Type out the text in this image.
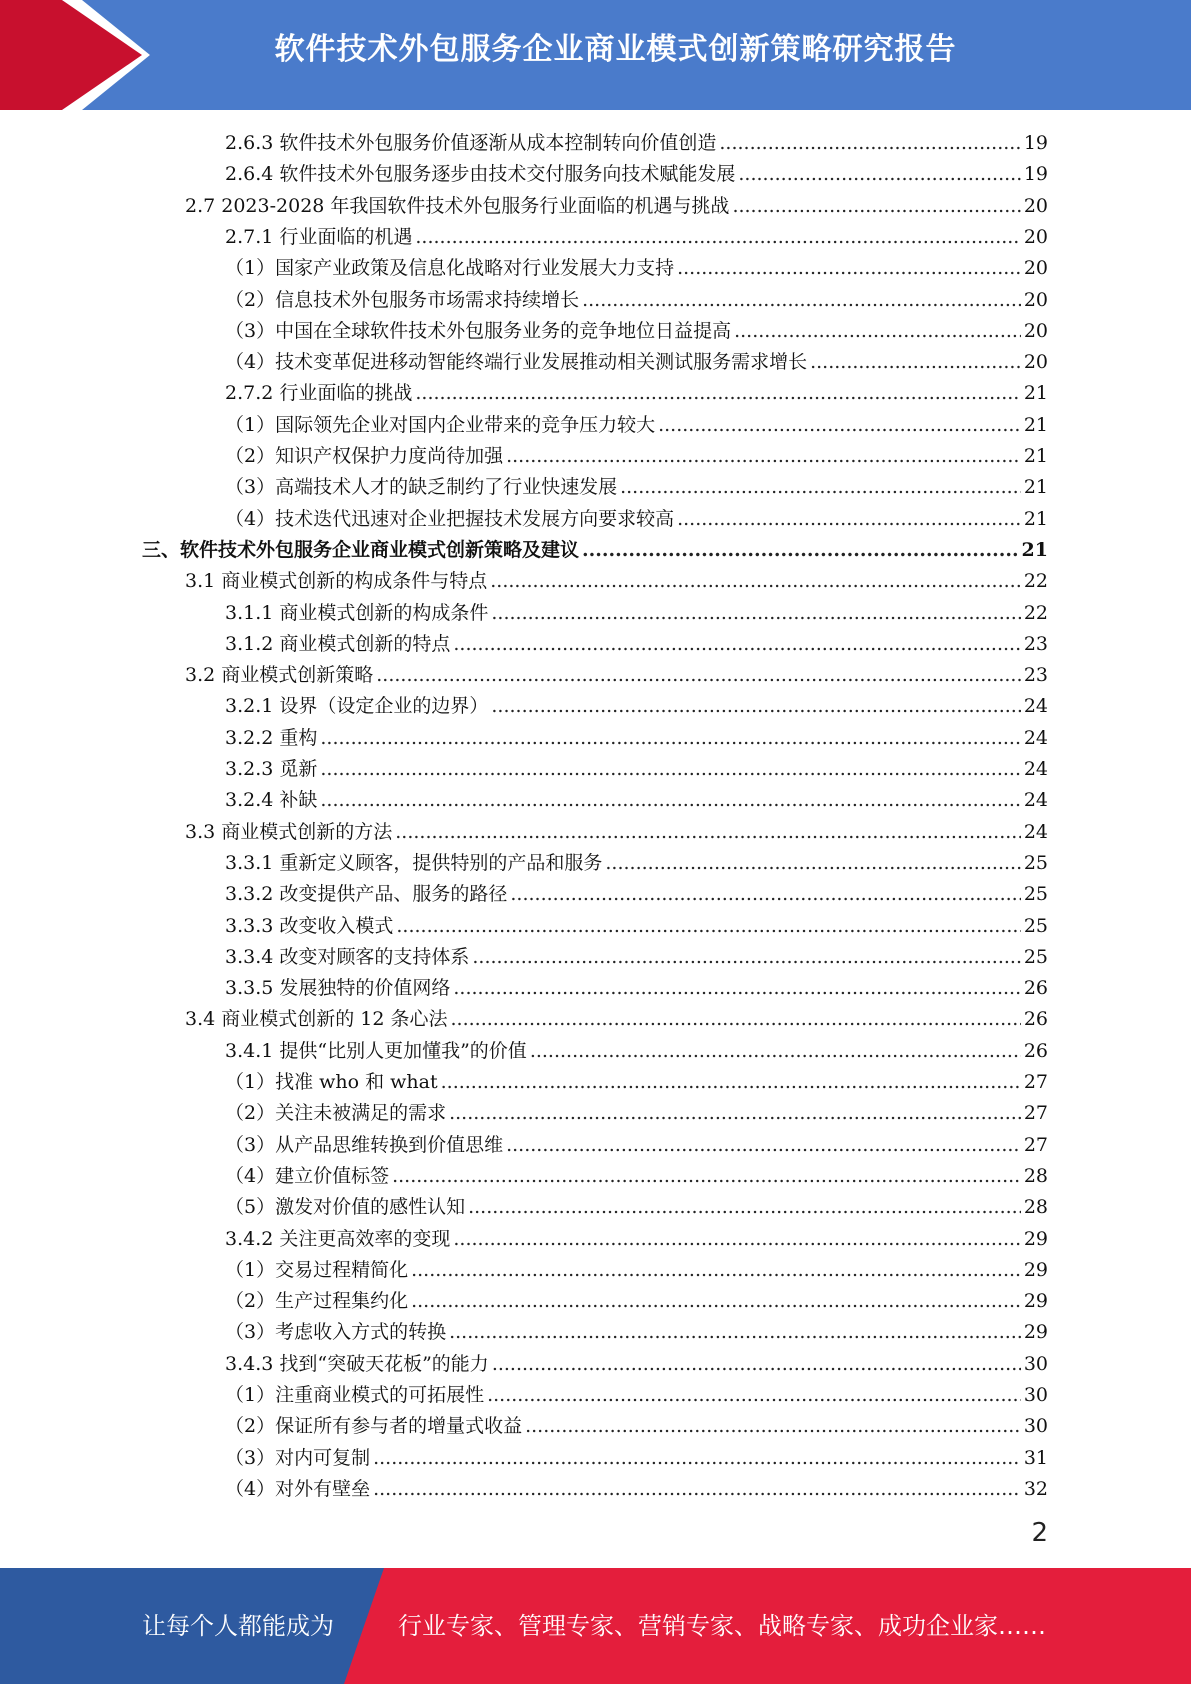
软件技术外包服务企业商业模式创新策略研究报告
2.6.3 软件技术外包服务价值逐渐从成本控制转向价值创造 .....	19
2.6.4 软件技术外包服务逐步由技术交付服务向技术赋能发展 .....	19
2.7 2023-2028 年我国软件技术外包服务行业面临的机遇与挑战 .....	20
2.7.1 行业面临的机遇 .....	20
（1）国家产业政策及信息化战略对行业发展大力支持 .....	20
（2）信息技术外包服务市场需求持续增长 .....	20
（3）中国在全球软件技术外包服务业务的竞争地位日益提高 .....	20
（4）技术变革促进移动智能终端行业发展推动相关测试服务需求增长 .....	20
2.7.2 行业面临的挑战 .....	21
（1）国际领先企业对国内企业带来的竞争压力较大 .....	21
（2）知识产权保护力度尚待加强 .....	21
（3）高端技术人才的缺乏制约了行业快速发展 .....	21
（4）技术迭代迅速对企业把握技术发展方向要求较高 .....	21
三、软件技术外包服务企业商业模式创新策略及建议 .....	21
3.1 商业模式创新的构成条件与特点 .....	22
3.1.1 商业模式创新的构成条件 .....	22
3.1.2 商业模式创新的特点 .....	23
3.2 商业模式创新策略 .....	23
3.2.1 设界（设定企业的边界） .....	24
3.2.2 重构 .....	24
3.2.3 觅新 .....	24
3.2.4 补缺 .....	24
3.3 商业模式创新的方法 .....	24
3.3.1 重新定义顾客，提供特别的产品和服务 .....	25
3.3.2 改变提供产品、服务的路径 .....	25
3.3.3 改变收入模式 .....	25
3.3.4 改变对顾客的支持体系 .....	25
3.3.5 发展独特的价值网络 .....	26
3.4 商业模式创新的 12 条心法 .....	26
3.4.1 提供“比别人更加懂我”的价值 .....	26
（1）找准 who 和 what .....	27
（2）关注未被满足的需求 .....	27
（3）从产品思维转换到价值思维 .....	27
（4）建立价值标签 .....	28
（5）激发对价值的感性认知 .....	28
3.4.2 关注更高效率的变现 .....	29
（1）交易过程精简化 .....	29
（2）生产过程集约化 .....	29
（3）考虑收入方式的转换 .....	29
3.4.3 找到“突破天花板”的能力 .....	30
（1）注重商业模式的可拓展性 .....	30
（2）保证所有参与者的增量式收益 .....	30
（3）对内可复制 .....	31
（4）对外有壁垒 .....	32
2
让每个人都能成为	行业专家、管理专家、营销专家、战略专家、成功企业家……
